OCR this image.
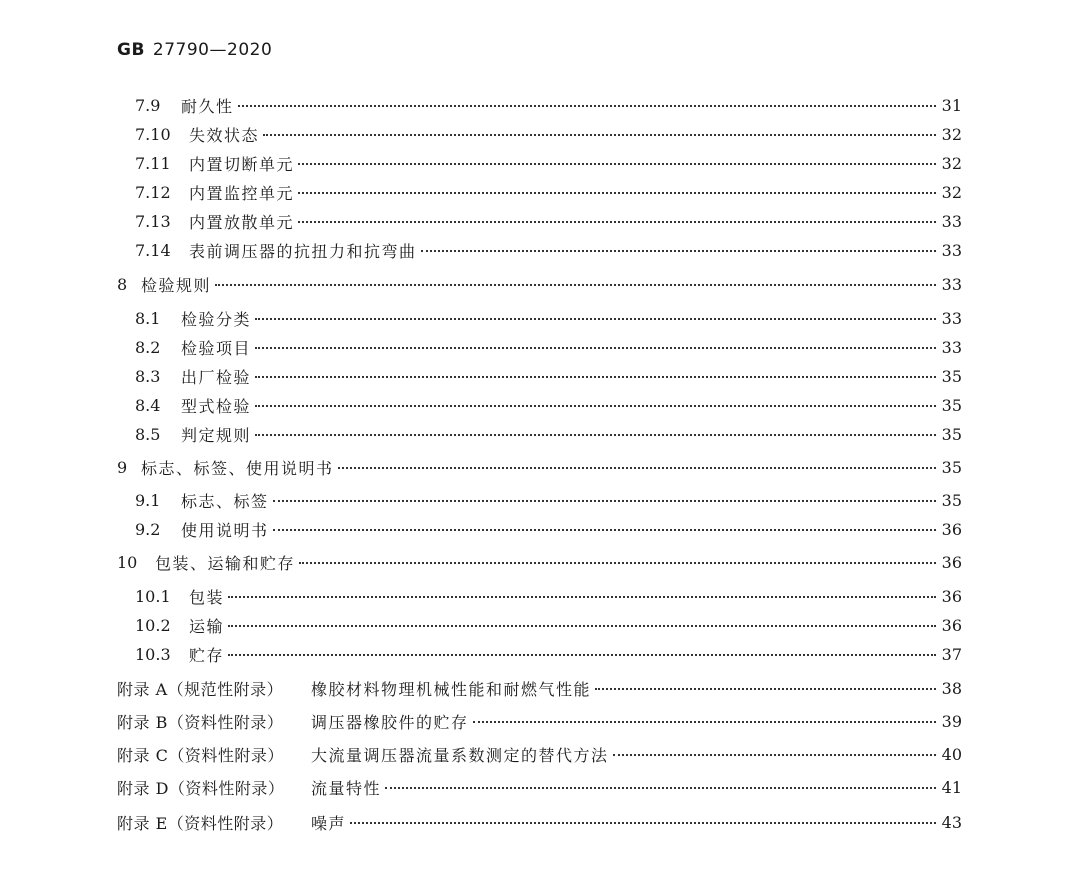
GB 27790—2020
7.9	耐久性	31
7.10	失效状态	32
7.11	内置切断单元	32
7.12	内置监控单元	32
7.13	内置放散单元	33
7.14	表前调压器的抗扭力和抗弯曲	33
8 检验规则	33
8.1	检验分类	33
8.2	检验项目	33
8.3	出厂检验	35
8.4	型式检验	35
8.5	判定规则	35
9 标志、标签、使用说明书	35
9.1	标志、标签	35
9.2	使用说明书	36
10	包装、运输和贮存	36
10.1	包装	36
10.2	运输	36
10.3	贮存	37
附录 A（规范性附录）	橡胶材料物理机械性能和耐燃气性能	38
附录 B（资料性附录）	调压器橡胶件的贮存	39
附录 C（资料性附录）	大流量调压器流量系数测定的替代方法	40
附录 D（资料性附录）	流量特性	41
附录 E（资料性附录）	噪声	43
